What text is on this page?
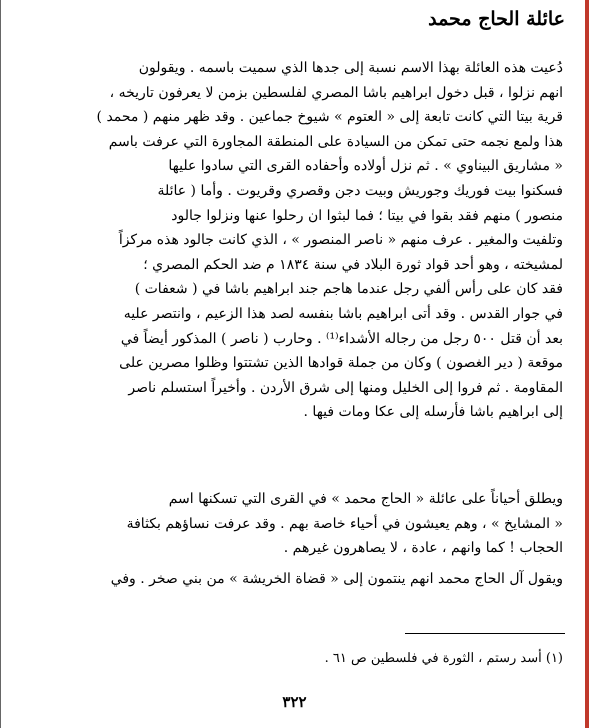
عائلة الحاج محمد
دُعيت هذه العائلة بهذا الاسم نسبة إلى جدها الذي سميت باسمه . ويقولون
انهم نزلوا ، قبل دخول ابراهيم باشا المصري لفلسطين بزمن لا يعرفون تاريخه ،
قرية بيتا التي كانت تابعة إلى « العتوم » شيوخ جماعين . وقد ظهر منهم ( محمد )
هذا ولمع نجمه حتى تمكن من السيادة على المنطقة المجاورة التي عرفت باسم
« مشاريق البيناوي » . ثم نزل أولاده وأحفاده القرى التي سادوا عليها
فسكنوا بيت فوريك وجوريش وبيت دجن وقصري وقريوت . وأما ( عائلة
منصور ) منهم فقد بقوا في بيتا ؛ فما لبثوا ان رحلوا عنها ونزلوا جالود
وتلفيت والمغير . عرف منهم « ناصر المنصور » ، الذي كانت جالود هذه مركزاً
لمشيخته ، وهو أحد قواد ثورة البلاد في سنة ١٨٣٤ م ضد الحكم المصري ؛
فقد كان على رأس ألفي رجل عندما هاجم جند ابراهيم باشا في ( شعفات )
في جوار القدس . وقد أتى ابراهيم باشا بنفسه لصد هذا الزعيم ، وانتصر عليه
بعد أن قتل ٥٠٠ رجل من رجاله الأشداء⁽¹⁾ . وحارب ( ناصر ) المذكور أيضاً في
موقعة ( دير الغصون ) وكان من جملة قوادها الذين تشتتوا وظلوا مصرين على
المقاومة . ثم فروا إلى الخليل ومنها إلى شرق الأردن . وأخيراً استسلم ناصر
إلى ابراهيم باشا فأرسله إلى عكا ومات فيها .
ويطلق أحياناً على عائلة « الحاج محمد » في القرى التي تسكنها اسم
« المشايخ » ، وهم يعيشون في أحياء خاصة بهم . وقد عرفت نساؤهم بكثافة
الحجاب ! كما وانهم ، عادة ، لا يصاهرون غيرهم .
ويقول آل الحاج محمد انهم ينتمون إلى « قضاة الخريشة » من بني صخر . وفي
(١) أسد رستم ، الثورة في فلسطين ص ٦١ .
٣٢٢
